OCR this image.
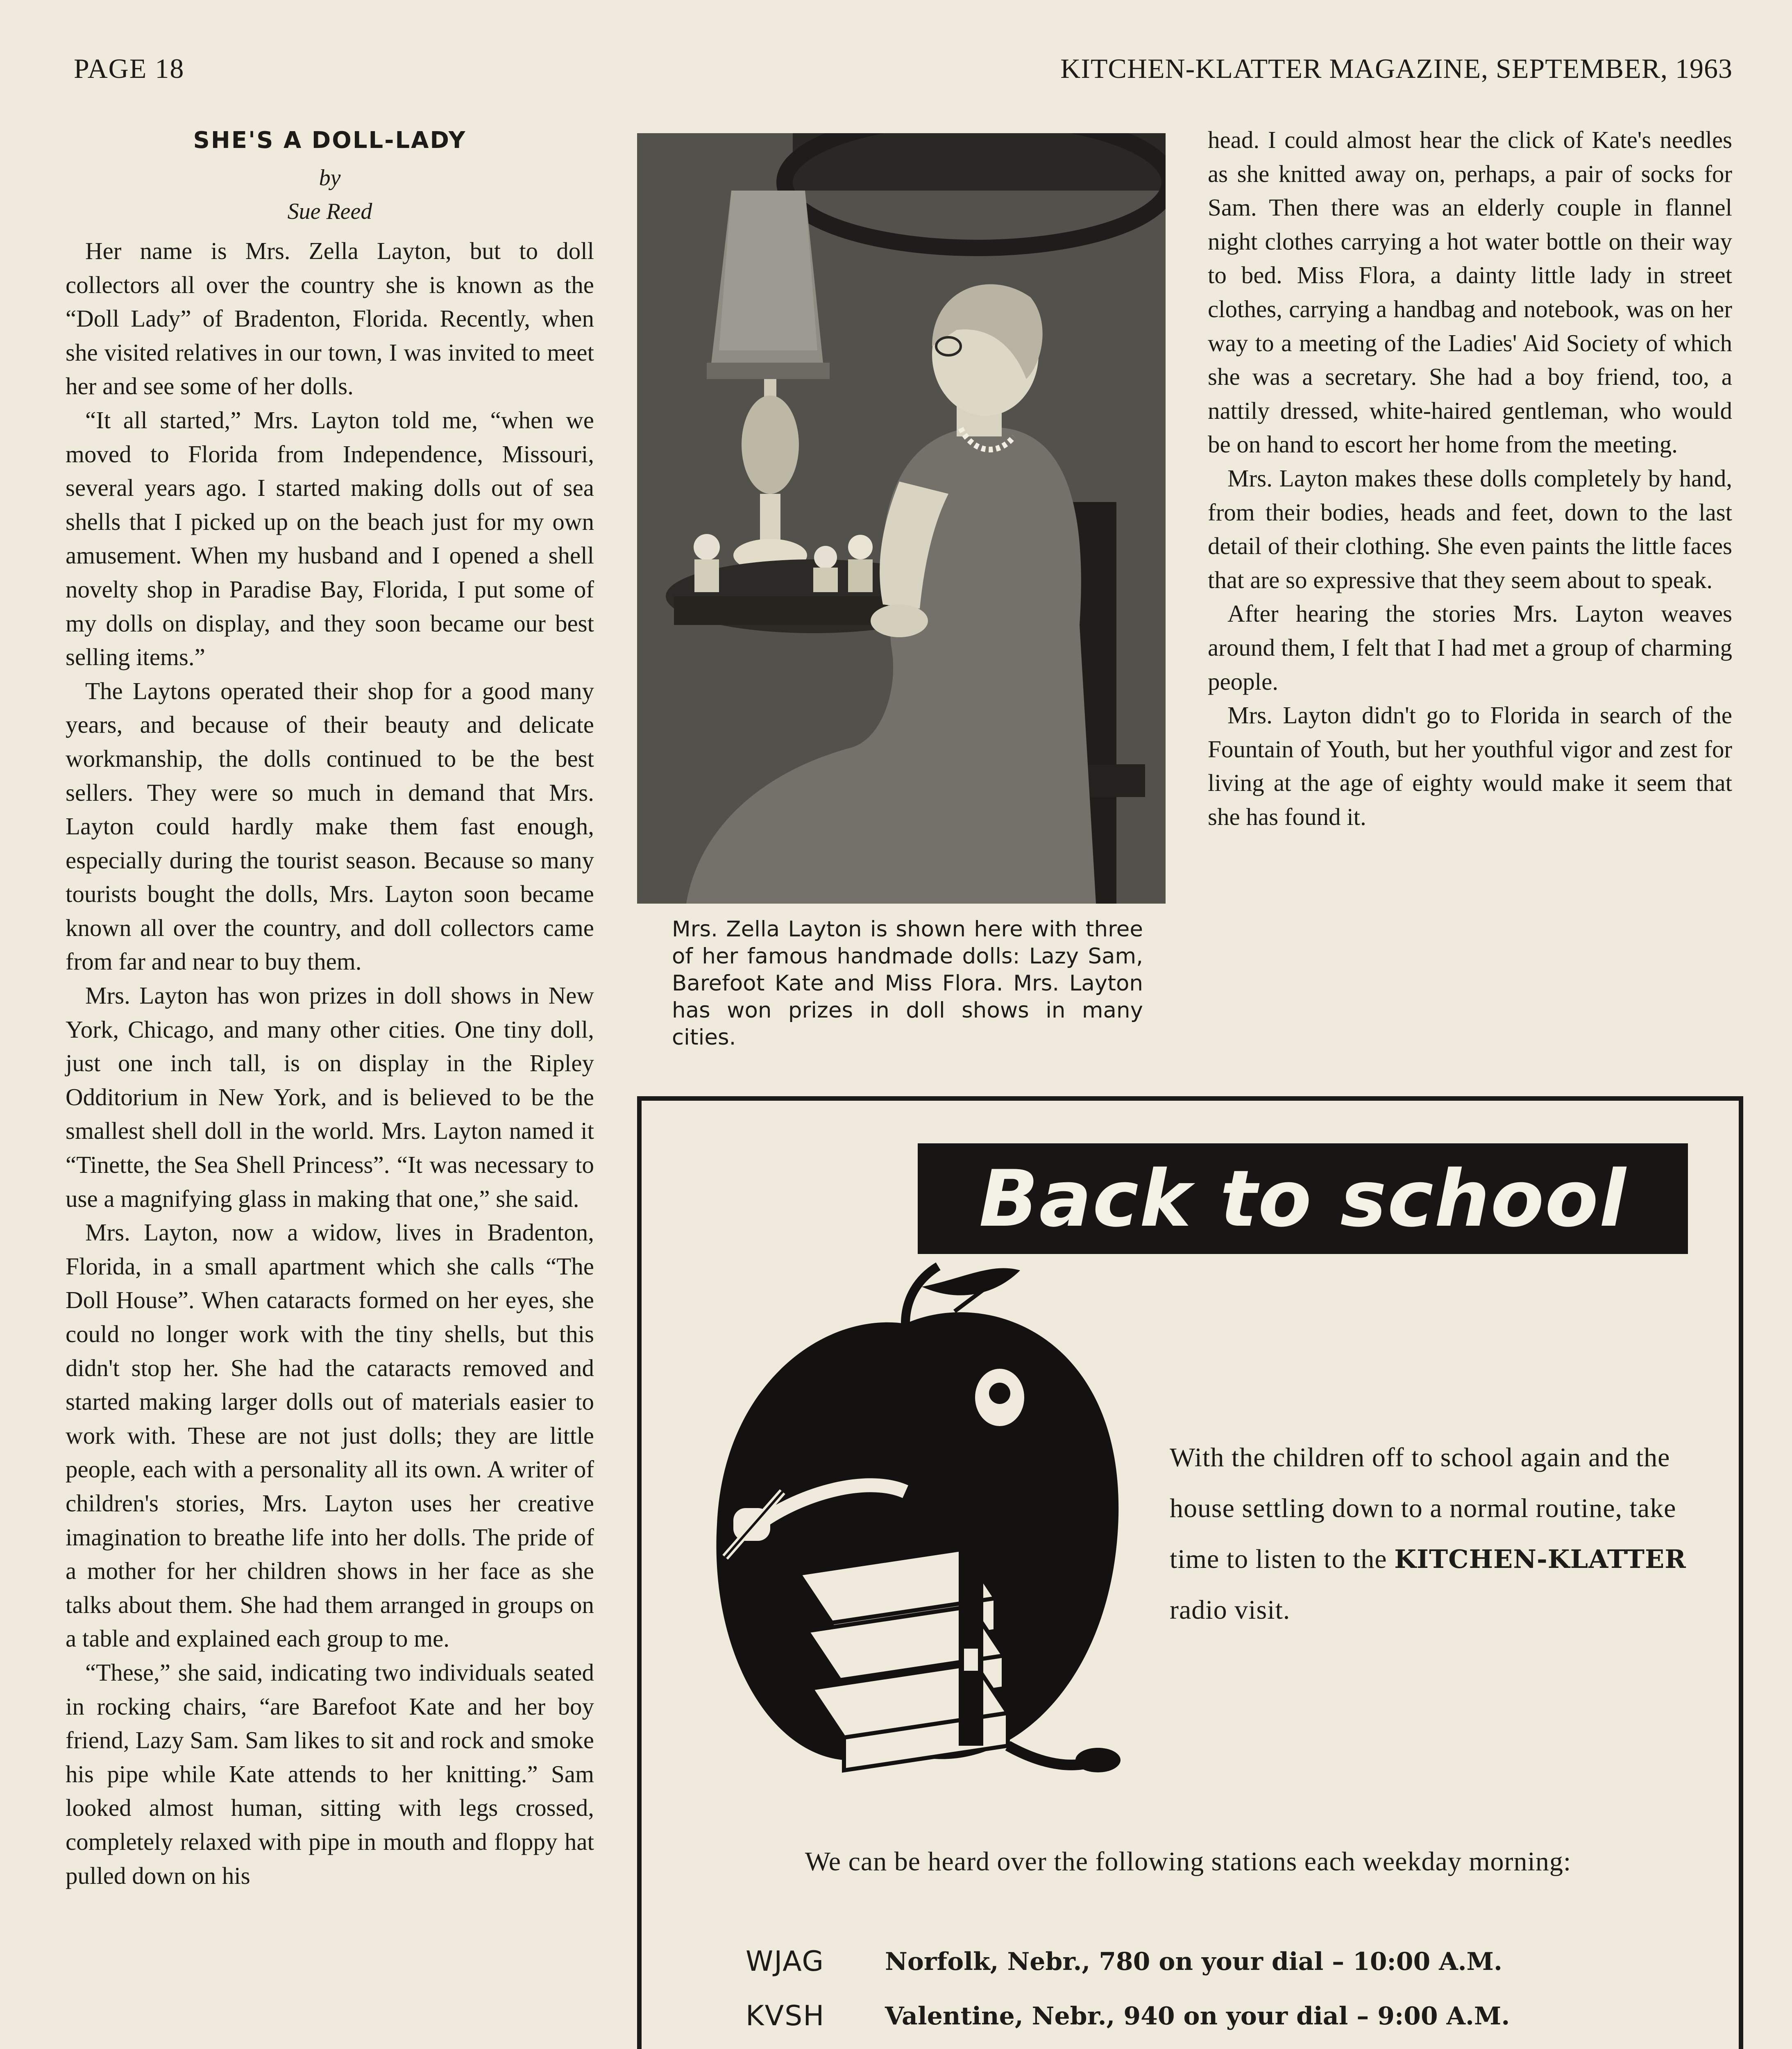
PAGE 18	KITCHEN-KLATTER MAGAZINE, SEPTEMBER, 1963
SHE'S A DOLL-LADY
by
Sue Reed

Her name is Mrs. Zella Layton, but to doll collectors all over the country she is known as the “Doll Lady” of Bradenton, Florida. Recently, when she visited relatives in our town, I was invited to meet her and see some of her dolls.

“It all started,” Mrs. Layton told me, “when we moved to Florida from Independence, Missouri, several years ago. I started making dolls out of sea shells that I picked up on the beach just for my own amusement. When my husband and I opened a shell novelty shop in Paradise Bay, Florida, I put some of my dolls on display, and they soon became our best selling items.”

The Laytons operated their shop for a good many years, and because of their beauty and delicate workmanship, the dolls continued to be the best sellers. They were so much in demand that Mrs. Layton could hardly make them fast enough, especially during the tourist season. Because so many tourists bought the dolls, Mrs. Layton soon became known all over the country, and doll collectors came from far and near to buy them.

Mrs. Layton has won prizes in doll shows in New York, Chicago, and many other cities. One tiny doll, just one inch tall, is on display in the Ripley Odditorium in New York, and is believed to be the smallest shell doll in the world. Mrs. Layton named it “Tinette, the Sea Shell Princess”. “It was necessary to use a magnifying glass in making that one,” she said.

Mrs. Layton, now a widow, lives in Bradenton, Florida, in a small apartment which she calls “The Doll House”. When cataracts formed on her eyes, she could no longer work with the tiny shells, but this didn't stop her. She had the cataracts removed and started making larger dolls out of materials easier to work with. These are not just dolls; they are little people, each with a personality all its own. A writer of children's stories, Mrs. Layton uses her creative imagination to breathe life into her dolls. The pride of a mother for her children shows in her face as she talks about them. She had them arranged in groups on a table and explained each group to me.

“These,” she said, indicating two individuals seated in rocking chairs, “are Barefoot Kate and her boy friend, Lazy Sam. Sam likes to sit and rock and smoke his pipe while Kate attends to her knitting.” Sam looked almost human, sitting with legs crossed, completely relaxed with pipe in mouth and floppy hat pulled down on his

Mrs. Zella Layton is shown here with three of her famous handmade dolls: Lazy Sam, Barefoot Kate and Miss Flora. Mrs. Layton has won prizes in doll shows in many cities.

head. I could almost hear the click of Kate's needles as she knitted away on, perhaps, a pair of socks for Sam. Then there was an elderly couple in flannel night clothes carrying a hot water bottle on their way to bed. Miss Flora, a dainty little lady in street clothes, carrying a handbag and notebook, was on her way to a meeting of the Ladies' Aid Society of which she was a secretary. She had a boy friend, too, a nattily dressed, white-haired gentleman, who would be on hand to escort her home from the meeting.

Mrs. Layton makes these dolls completely by hand, from their bodies, heads and feet, down to the last detail of their clothing. She even paints the little faces that are so expressive that they seem about to speak.

After hearing the stories Mrs. Layton weaves around them, I felt that I had met a group of charming people.

Mrs. Layton didn't go to Florida in search of the Fountain of Youth, but her youthful vigor and zest for living at the age of eighty would make it seem that she has found it.

Back to school
With the children off to school again and the house settling down to a normal routine, take time to listen to the KITCHEN-KLATTER radio visit.
We can be heard over the following stations each weekday morning:
WJAG	Norfolk, Nebr., 780 on your dial – 10:00 A.M.
KVSH	Valentine, Nebr., 940 on your dial – 9:00 A.M.
